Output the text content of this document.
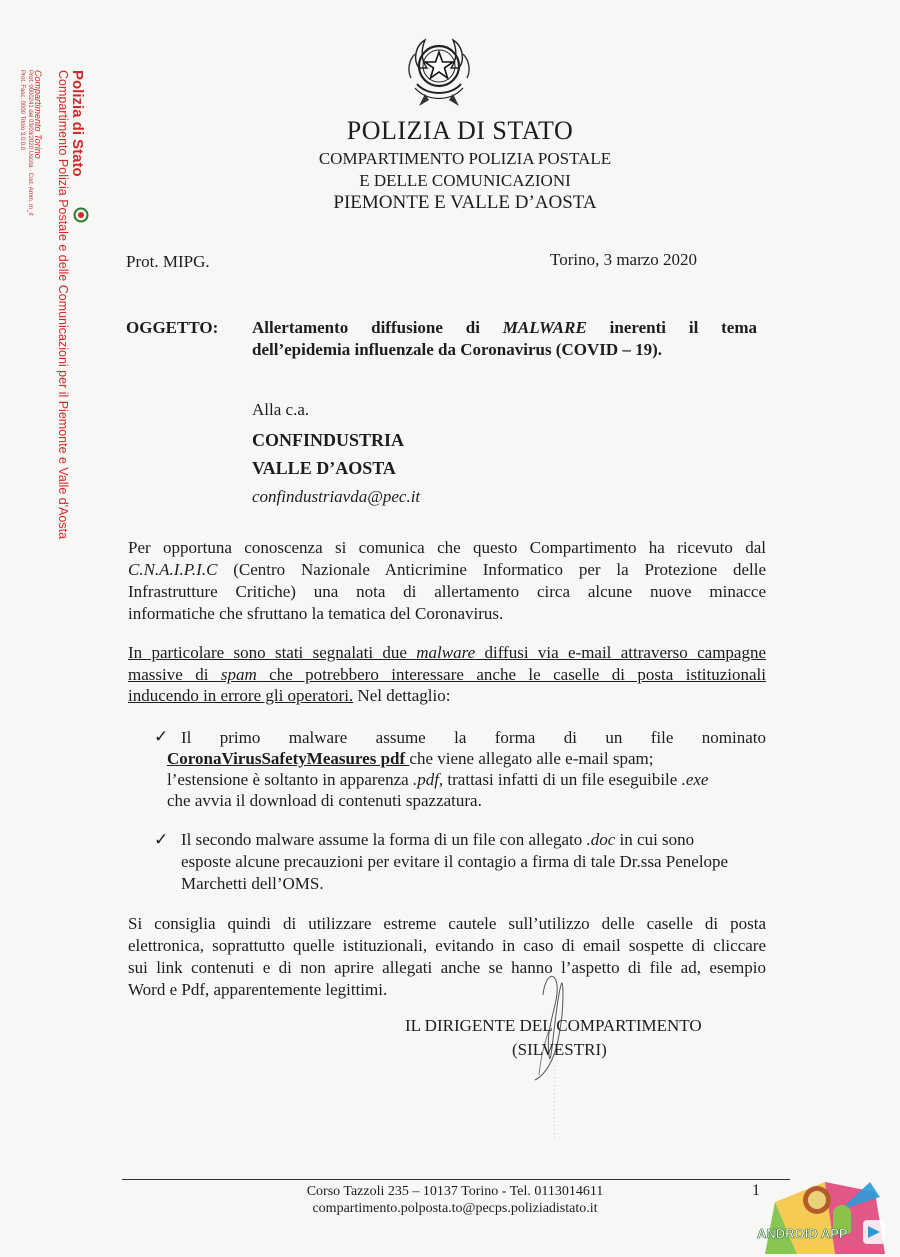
Polizia di Stato
Compartimento Polizia Postale e delle Comunicazioni per il Piemonte e Valle d'Aosta
Compartimento Torino
Prot: 0000241 del 03/03/2020 Uscita · Cod. Amm. m_it
Prot. Fasc. 0000 Titolo 3.0.0.0	POLIZIA DI STATO
COMPARTIMENTO POLIZIA POSTALE
E DELLE COMUNICAZIONI
PIEMONTE E VALLE D’AOSTA
Prot. MIPG.	Torino, 3 marzo 2020
OGGETTO: Allertamento diffusione di MALWARE inerenti il tema
dell’epidemia influenzale da Coronavirus (COVID – 19).
Alla c.a.
CONFINDUSTRIA
VALLE D’AOSTA
confindustriavda@pec.it
Per opportuna conoscenza si comunica che questo Compartimento ha ricevuto dal
C.N.A.I.P.I.C (Centro Nazionale Anticrimine Informatico per la Protezione delle
Infrastrutture Critiche) una nota di allertamento circa alcune nuove minacce
informatiche che sfruttano la tematica del Coronavirus.
In particolare sono stati segnalati due malware diffusi via e-mail attraverso campagne
massive di spam che potrebbero interessare anche le caselle di posta istituzionali
inducendo in errore gli operatori. Nel dettaglio:
✓ Il primo malware assume la forma di un file nominato
CoronaVirusSafetyMeasures pdf che viene allegato alle e-mail spam;
l’estensione è soltanto in apparenza .pdf, trattasi infatti di un file eseguibile .exe
che avvia il download di contenuti spazzatura.
✓ Il secondo malware assume la forma di un file con allegato .doc in cui sono
esposte alcune precauzioni per evitare il contagio a firma di tale Dr.ssa Penelope
Marchetti dell’OMS.
Si consiglia quindi di utilizzare estreme cautele sull’utilizzo delle caselle di posta
elettronica, soprattutto quelle istituzionali, evitando in caso di email sospette di cliccare
sui link contenuti e di non aprire allegati anche se hanno l’aspetto di file ad, esempio
Word e Pdf, apparentemente legittimi.
IL DIRIGENTE DEL COMPARTIMENTO
(SILVESTRI)
Corso Tazzoli 235 – 10137 Torino - Tel. 0113014611
compartimento.polposta.to@pecps.poliziadistato.it
1
ANDROID APP
